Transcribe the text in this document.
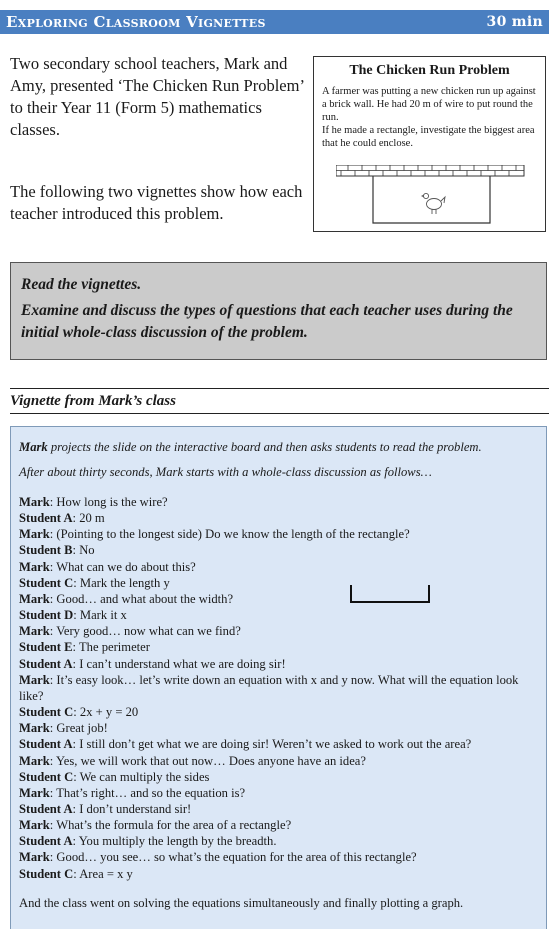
Exploring Classroom Vignettes	30 min

Two secondary school teachers, Mark and Amy, presented ‘The Chicken Run Problem’ to their Year 11 (Form 5) mathematics classes.

The following two vignettes show how each teacher introduced this problem.

The Chicken Run Problem
A farmer was putting a new chicken run up against a brick wall. He had 20 m of wire to put round the run.
If he made a rectangle, investigate the biggest area that he could enclose.

Read the vignettes.

Examine and discuss the types of questions that each teacher uses during the initial whole-class discussion of the problem.

Vignette from Mark’s class

Mark projects the slide on the interactive board and then asks students to read the problem.

After about thirty seconds, Mark starts with a whole-class discussion as follows…

Mark: How long is the wire?
Student A: 20 m
Mark: (Pointing to the longest side) Do we know the length of the rectangle?
Student B: No
Mark: What can we do about this?
Student C: Mark the length y
Mark: Good… and what about the width?
Student D: Mark it x
Mark: Very good… now what can we find?
Student E: The perimeter
Student A: I can’t understand what we are doing sir!
Mark: It’s easy look… let’s write down an equation with x and y now. What will the equation look like?
Student C: 2x + y = 20
Mark: Great job!
Student A: I still don’t get what we are doing sir! Weren’t we asked to work out the area?
Mark: Yes, we will work that out now… Does anyone have an idea?
Student C: We can multiply the sides
Mark: That’s right… and so the equation is?
Student A: I don’t understand sir!
Mark: What’s the formula for the area of a rectangle?
Student A: You multiply the length by the breadth.
Mark: Good… you see… so what’s the equation for the area of this rectangle?
Student C: Area = x y
And the class went on solving the equations simultaneously and finally plotting a graph.
